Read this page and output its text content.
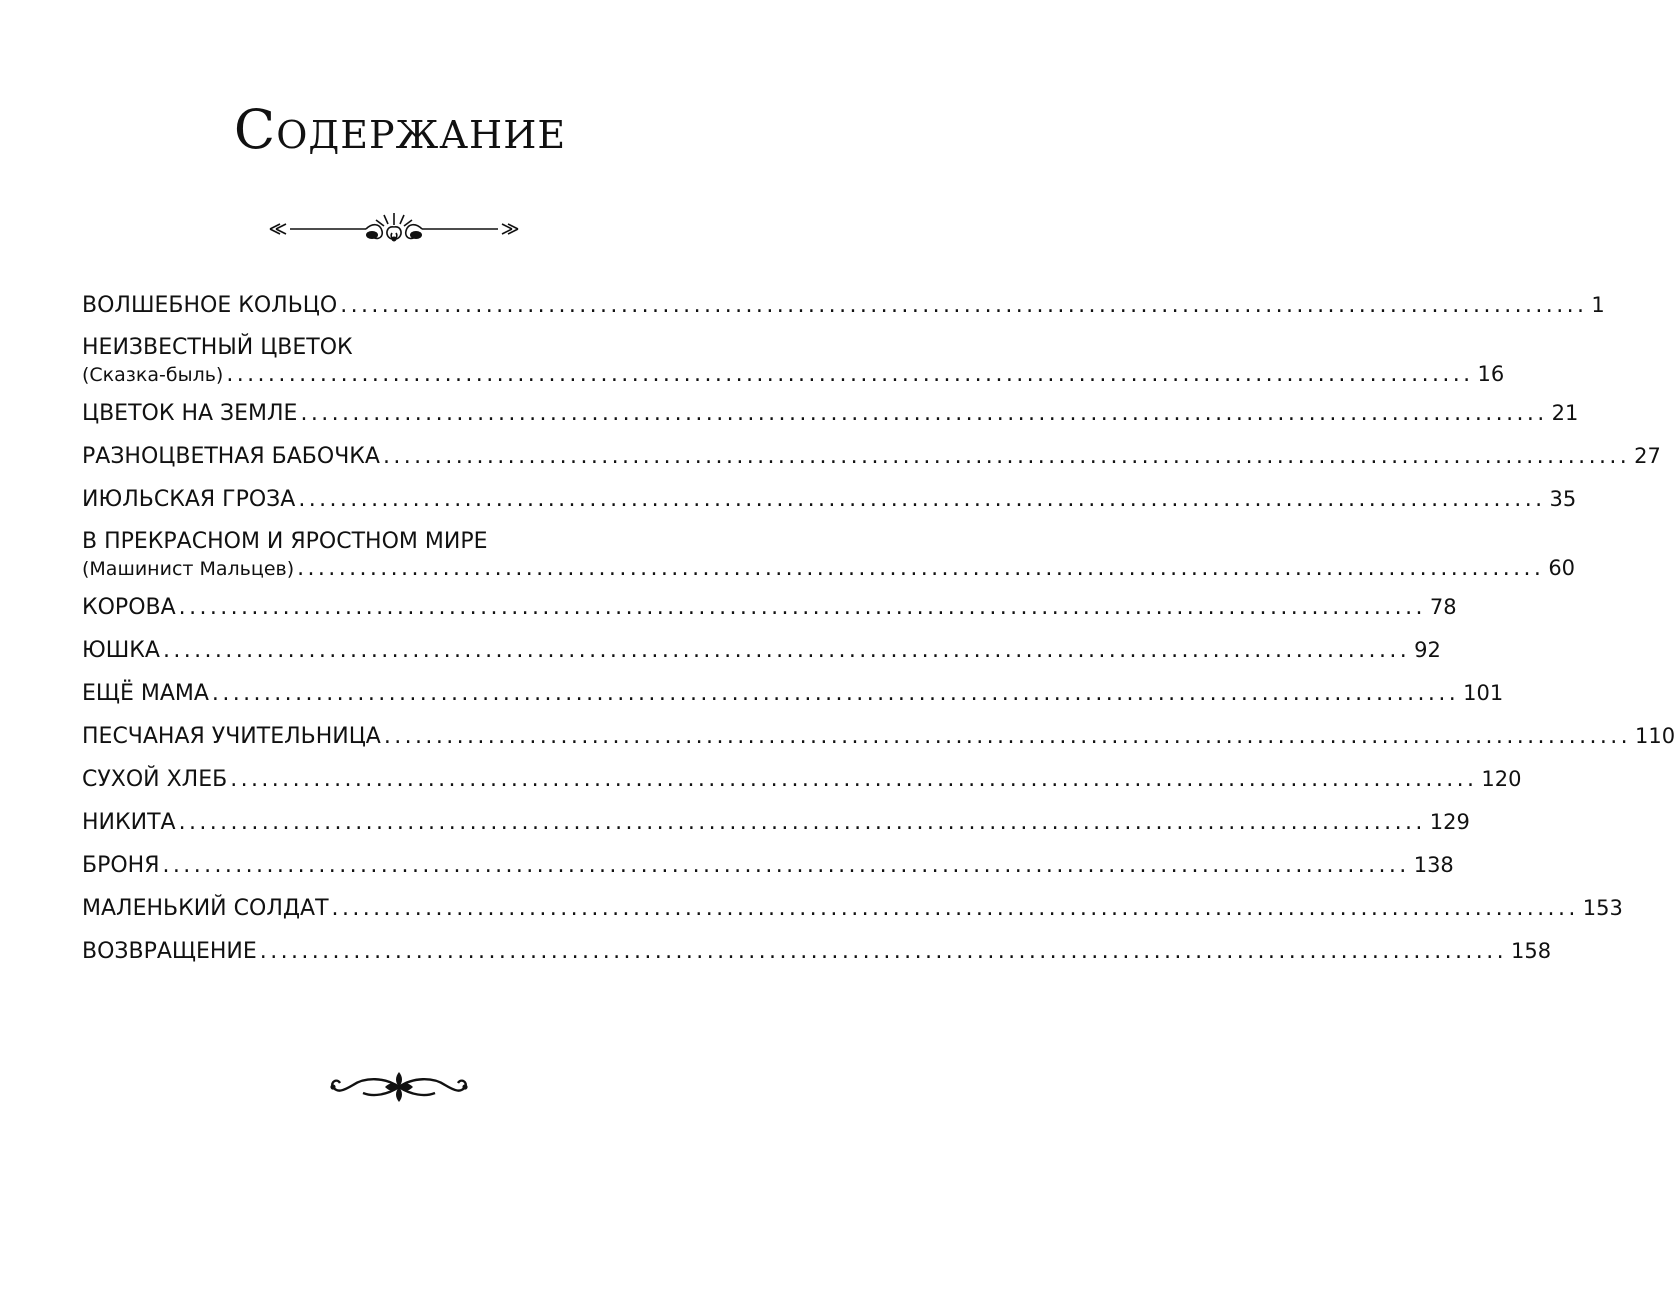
Содержание
ВОЛШЕБНОЕ КОЛЬЦО ........................................................................................................................ 1
НЕИЗВЕСТНЫЙ ЦВЕТОК
(Сказка-быль) ........................................................................................................................ 16
ЦВЕТОК НА ЗЕМЛЕ ........................................................................................................................ 21
РАЗНОЦВЕТНАЯ БАБОЧКА ........................................................................................................................ 27
ИЮЛЬСКАЯ ГРОЗА ........................................................................................................................ 35
В ПРЕКРАСНОМ И ЯРОСТНОМ МИРЕ
(Машинист Мальцев) ........................................................................................................................ 60
КОРОВА ........................................................................................................................ 78
ЮШКА ........................................................................................................................ 92
ЕЩЁ МАМА ........................................................................................................................ 101
ПЕСЧАНАЯ УЧИТЕЛЬНИЦА ........................................................................................................................ 110
СУХОЙ ХЛЕБ ........................................................................................................................ 120
НИКИТА ........................................................................................................................ 129
БРОНЯ ........................................................................................................................ 138
МАЛЕНЬКИЙ СОЛДАТ ........................................................................................................................ 153
ВОЗВРАЩЕНИЕ ........................................................................................................................ 158
